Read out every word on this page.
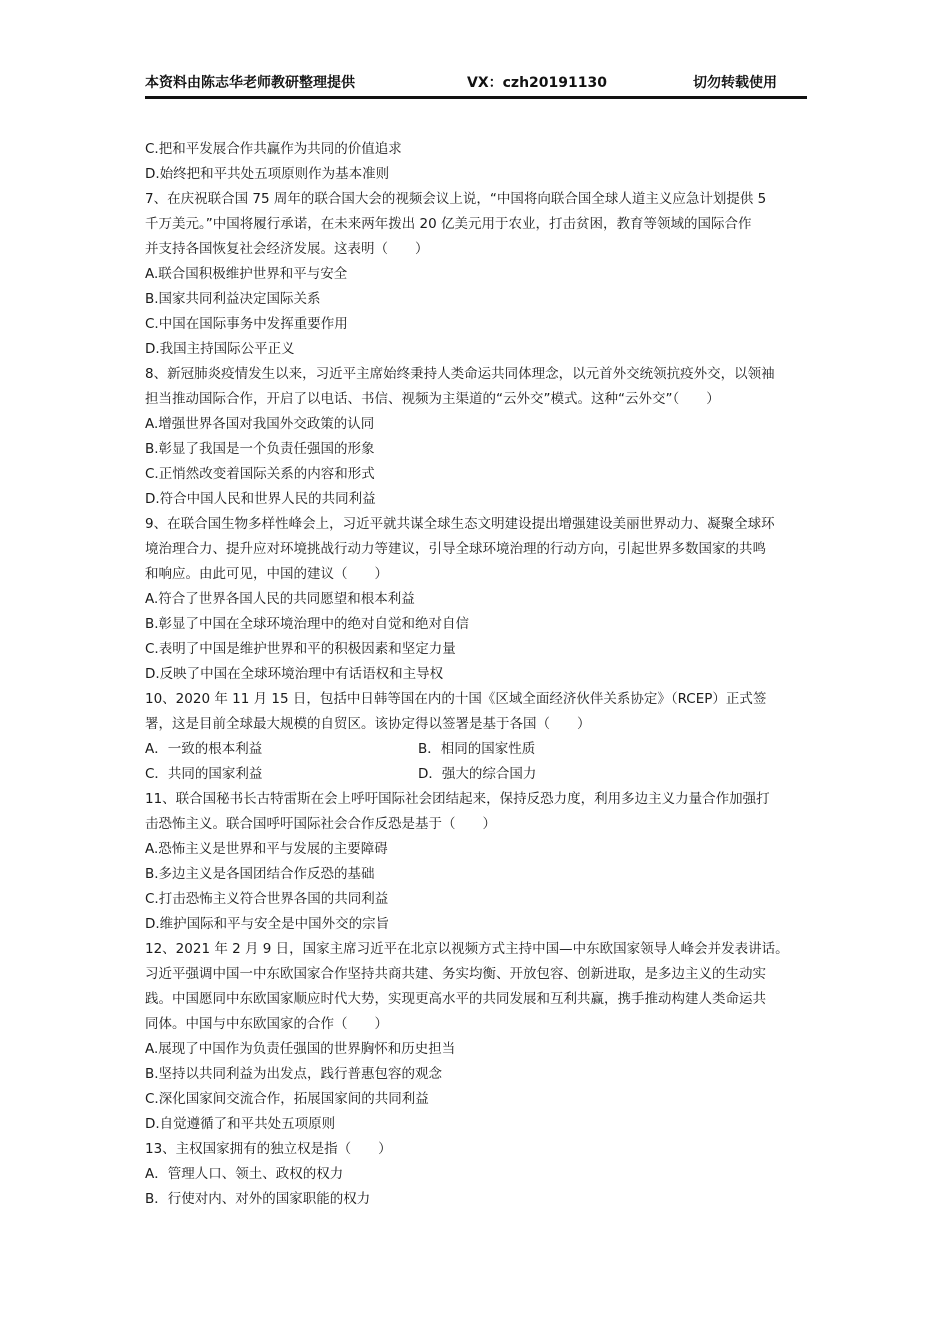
本资料由陈志华老师教研整理提供	VX：czh20191130	切勿转载使用
C.把和平发展合作共赢作为共同的价值追求
D.始终把和平共处五项原则作为基本准则
7、在庆祝联合国 75 周年的联合国大会的视频会议上说，“中国将向联合国全球人道主义应急计划提供 5
千万美元。”中国将履行承诺，在未来两年拨出 20 亿美元用于农业，打击贫困，教育等领域的国际合作
并支持各国恢复社会经济发展。这表明（　　）
A.联合国积极维护世界和平与安全
B.国家共同利益决定国际关系
C.中国在国际事务中发挥重要作用
D.我国主持国际公平正义
8、新冠肺炎疫情发生以来，习近平主席始终秉持人类命运共同体理念，以元首外交统领抗疫外交，以领袖
担当推动国际合作，开启了以电话、书信、视频为主渠道的“云外交”模式。这种“云外交”（　　）
A.增强世界各国对我国外交政策的认同
B.彰显了我国是一个负责任强国的形象
C.正悄然改变着国际关系的内容和形式
D.符合中国人民和世界人民的共同利益
9、在联合国生物多样性峰会上，习近平就共谋全球生态文明建设提出增强建设美丽世界动力、凝聚全球环
境治理合力、提升应对环境挑战行动力等建议，引导全球环境治理的行动方向，引起世界多数国家的共鸣
和响应。由此可见，中国的建议（　　）
A.符合了世界各国人民的共同愿望和根本利益
B.彰显了中国在全球环境治理中的绝对自觉和绝对自信
C.表明了中国是维护世界和平的积极因素和坚定力量
D.反映了中国在全球环境治理中有话语权和主导权
10、2020 年 11 月 15 日，包括中日韩等国在内的十国《区域全面经济伙伴关系协定》（RCEP）正式签
署，这是目前全球最大规模的自贸区。该协定得以签署是基于各国（　　）
A．一致的根本利益	B．相同的国家性质
C．共同的国家利益	D．强大的综合国力
11、联合国秘书长古特雷斯在会上呼吁国际社会团结起来，保持反恐力度，利用多边主义力量合作加强打
击恐怖主义。联合国呼吁国际社会合作反恐是基于（　　）
A.恐怖主义是世界和平与发展的主要障碍
B.多边主义是各国团结合作反恐的基础
C.打击恐怖主义符合世界各国的共同利益
D.维护国际和平与安全是中国外交的宗旨
12、2021 年 2 月 9 日，国家主席习近平在北京以视频方式主持中国—中东欧国家领导人峰会并发表讲话。
习近平强调中国一中东欧国家合作坚持共商共建、务实均衡、开放包容、创新进取，是多边主义的生动实
践。中国愿同中东欧国家顺应时代大势，实现更高水平的共同发展和互利共赢，携手推动构建人类命运共
同体。中国与中东欧国家的合作（　　）
A.展现了中国作为负责任强国的世界胸怀和历史担当
B.坚持以共同利益为出发点，践行普惠包容的观念
C.深化国家间交流合作，拓展国家间的共同利益
D.自觉遵循了和平共处五项原则
13、主权国家拥有的独立权是指（　　）
A．管理人口、领土、政权的权力
B．行使对内、对外的国家职能的权力
